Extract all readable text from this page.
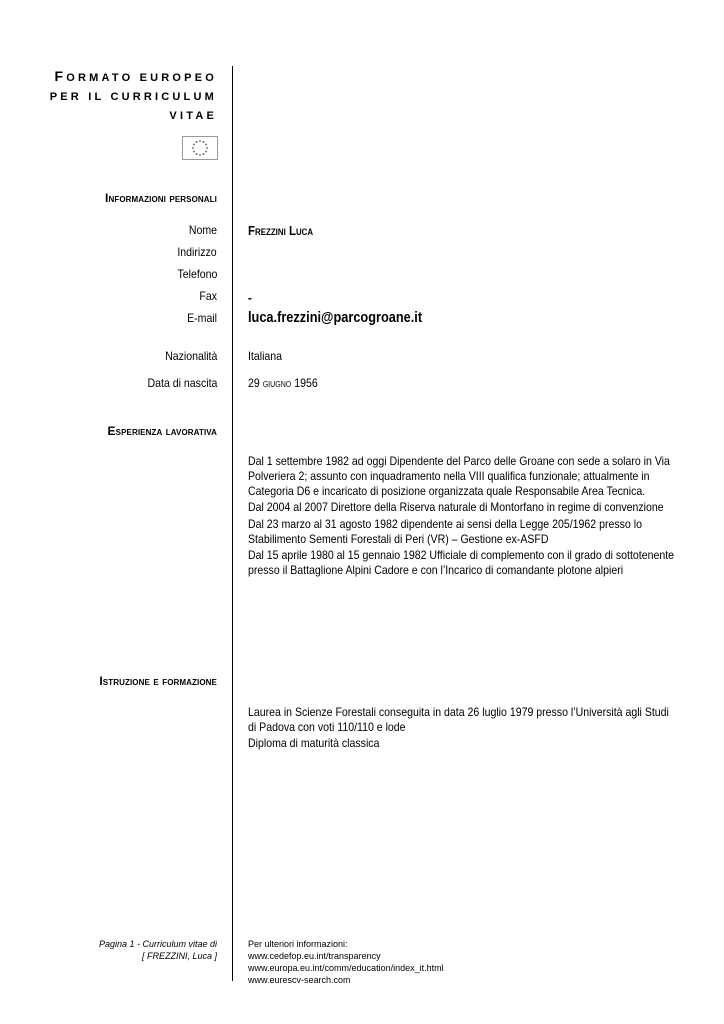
FORMATO EUROPEO
PER IL CURRICULUM
VITAE
Informazioni personali
Nome Frezzini Luca
Indirizzo
Telefono
Fax -
E-mail luca.frezzini@parcogroane.it
Nazionalità	Italiana
Data di nascita	29 giugno 1956
Esperienza lavorativa
Dal 1 settembre 1982 ad oggi Dipendente del Parco delle Groane con sede a solaro in Via Polveriera 2; assunto con inquadramento nella VIII qualifica funzionale; attualmente in Categoria D6 e incaricato di posizione organizzata quale Responsabile Area Tecnica.
Dal 2004 al 2007 Direttore della Riserva naturale di Montorfano in regime di convenzione
Dal 23 marzo al 31 agosto 1982 dipendente ai sensi della Legge 205/1962 presso lo Stabilimento Sementi Forestali di Peri (VR) – Gestione ex-ASFD
Dal 15 aprile 1980 al 15 gennaio 1982 Ufficiale di complemento con il grado di sottotenente presso il Battaglione Alpini Cadore e con l’Incarico di comandante plotone alpieri
Istruzione e formazione
Laurea in Scienze Forestali conseguita in data 26 luglio 1979 presso l’Università agli Studi di Padova con voti 110/110 e lode
Diploma di maturità classica
Pagina 1 - Curriculum vitae di
[ FREZZINI, Luca ]
Per ulteriori informazioni:
www.cedefop.eu.int/transparency
www.europa.eu.int/comm/education/index_it.html
www.eurescv-search.com
